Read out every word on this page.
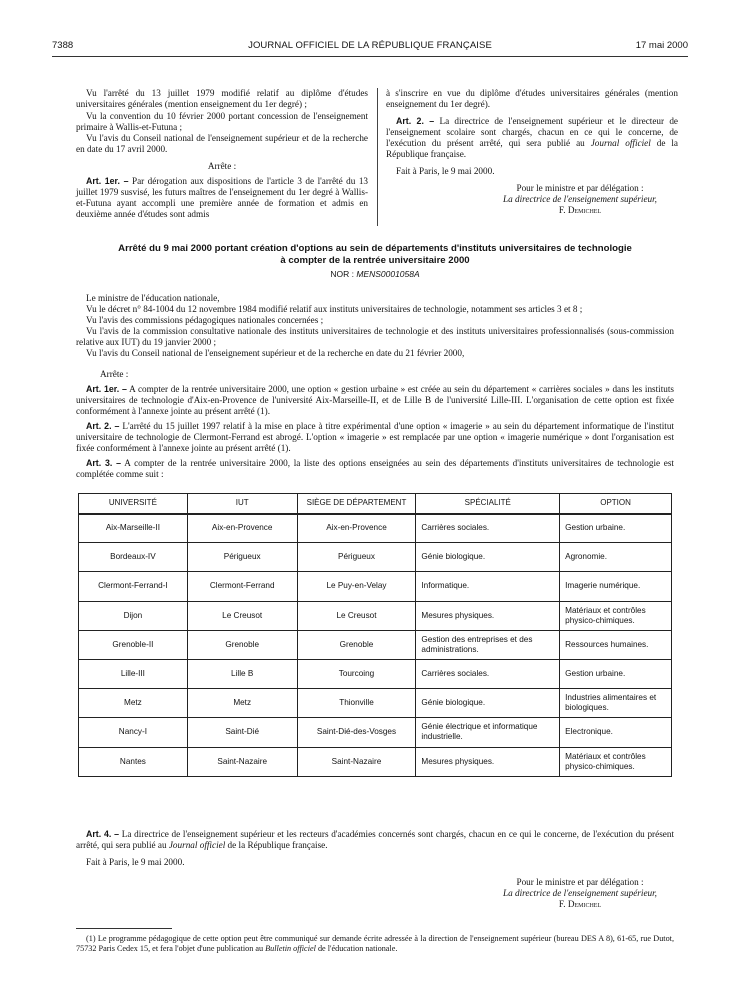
7388	JOURNAL OFFICIEL DE LA RÉPUBLIQUE FRANÇAISE	17 mai 2000

Vu l'arrêté du 13 juillet 1979 modifié relatif au diplôme d'études universitaires générales (mention enseignement du 1er degré) ;

Vu la convention du 10 février 2000 portant concession de l'enseignement primaire à Wallis-et-Futuna ;

Vu l'avis du Conseil national de l'enseignement supérieur et de la recherche en date du 17 avril 2000.

Arrête :

Art. 1er. – Par dérogation aux dispositions de l'article 3 de l'arrêté du 13 juillet 1979 susvisé, les futurs maîtres de l'enseignement du 1er degré à Wallis-et-Futuna ayant accompli une première année de formation et admis en deuxième année d'études sont admis

à s'inscrire en vue du diplôme d'études universitaires générales (mention enseignement du 1er degré).

Art. 2. – La directrice de l'enseignement supérieur et le directeur de l'enseignement scolaire sont chargés, chacun en ce qui le concerne, de l'exécution du présent arrêté, qui sera publié au Journal officiel de la République française.

Fait à Paris, le 9 mai 2000.

Pour le ministre et par délégation :
La directrice de l'enseignement supérieur,
F. Demichel
Arrêté du 9 mai 2000 portant création d'options au sein de départements d'instituts universitaires de technologie
à compter de la rentrée universitaire 2000
NOR : MENS0001058A

Le ministre de l'éducation nationale,

Vu le décret n° 84-1004 du 12 novembre 1984 modifié relatif aux instituts universitaires de technologie, notamment ses articles 3 et 8 ;

Vu l'avis des commissions pédagogiques nationales concernées ;

Vu l'avis de la commission consultative nationale des instituts universitaires de technologie et des instituts universitaires professionnalisés (sous-commission relative aux IUT) du 19 janvier 2000 ;

Vu l'avis du Conseil national de l'enseignement supérieur et de la recherche en date du 21 février 2000,

Arrête :

Art. 1er. – A compter de la rentrée universitaire 2000, une option « gestion urbaine » est créée au sein du département « carrières sociales » dans les instituts universitaires de technologie d'Aix-en-Provence de l'université Aix-Marseille-II, et de Lille B de l'université Lille-III. L'organisation de cette option est fixée conformément à l'annexe jointe au présent arrêté (1).

Art. 2. – L'arrêté du 15 juillet 1997 relatif à la mise en place à titre expérimental d'une option « imagerie » au sein du département informatique de l'institut universitaire de technologie de Clermont-Ferrand est abrogé. L'option « imagerie » est remplacée par une option « imagerie numérique » dont l'organisation est fixée conformément à l'annexe jointe au présent arrêté (1).

Art. 3. – A compter de la rentrée universitaire 2000, la liste des options enseignées au sein des départements d'instituts universitaires de technologie est complétée comme suit :

UNIVERSITÉ	IUT	SIÈGE DE DÉPARTEMENT	SPÉCIALITÉ	OPTION
Aix-Marseille-II	Aix-en-Provence	Aix-en-Provence	Carrières sociales.	Gestion urbaine.
Bordeaux-IV	Périgueux	Périgueux	Génie biologique.	Agronomie.
Clermont-Ferrand-I	Clermont-Ferrand	Le Puy-en-Velay	Informatique.	Imagerie numérique.
Dijon	Le Creusot	Le Creusot	Mesures physiques.	Matériaux et contrôles physico-chimiques.
Grenoble-II	Grenoble	Grenoble	Gestion des entreprises et des administrations.	Ressources humaines.
Lille-III	Lille B	Tourcoing	Carrières sociales.	Gestion urbaine.
Metz	Metz	Thionville	Génie biologique.	Industries alimentaires et biologiques.
Nancy-I	Saint-Dié	Saint-Dié-des-Vosges	Génie électrique et informatique industrielle.	Electronique.
Nantes	Saint-Nazaire	Saint-Nazaire	Mesures physiques.	Matériaux et contrôles physico-chimiques.

Art. 4. – La directrice de l'enseignement supérieur et les recteurs d'académies concernés sont chargés, chacun en ce qui le concerne, de l'exécution du présent arrêté, qui sera publié au Journal officiel de la République française.

Fait à Paris, le 9 mai 2000.

Pour le ministre et par délégation :
La directrice de l'enseignement supérieur,
F. Demichel
(1) Le programme pédagogique de cette option peut être communiqué sur demande écrite adressée à la direction de l'enseignement supérieur (bureau DES A 8), 61-65, rue Dutot, 75732 Paris Cedex 15, et fera l'objet d'une publication au Bulletin officiel de l'éducation nationale.
